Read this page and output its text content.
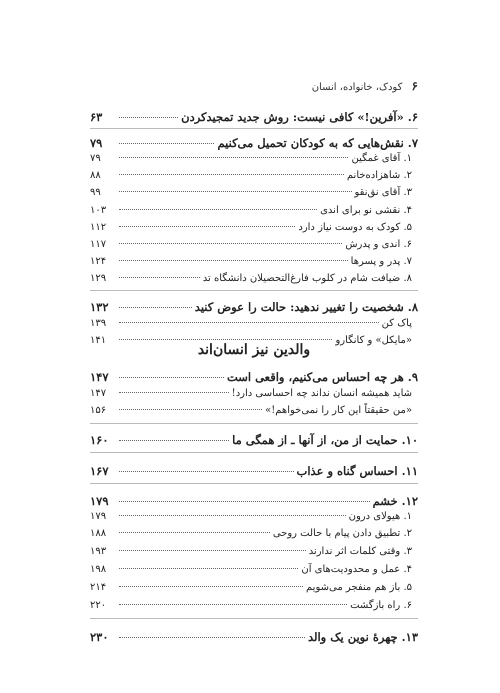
۶ کودک، خانواده، انسان
۶. «آفرین!» کافی نیست: روش جدید تمجیدکردن
۶۳
۷. نقش‌هایی که به کودکان تحمیل می‌کنیم
۷۹
۱. آقای غمگین
۷۹
۲. شاهزاده‌خانم
۸۸
۳. آقای نق‌نقو
۹۹
۴. نقشی نو برای اندی
۱۰۳
۵. کودک به دوست نیاز دارد
۱۱۲
۶. اندی و پدرش
۱۱۷
۷. پدر و پسرها
۱۲۴
۸. ضیافت شام در کلوب فارغ‌التحصیلان دانشگاه تد
۱۲۹
۸. شخصیت را تغییر ندهید: حالت را عوض کنید
۱۳۲
پاک کن
۱۳۹
«مایکل» و کانگارو
۱۴۱
۹. هر چه احساس می‌کنیم، واقعی است
۱۴۷
شاید همیشه انسان نداند چه احساسی دارد!
۱۴۷
«من حقیقتاً این کار را نمی‌خواهم!»
۱۵۶
۱۰. حمایت از من، از آنها ـ از همگی ما
۱۶۰
۱۱. احساس گناه و عذاب
۱۶۷
۱۲. خشم
۱۷۹
۱. هیولای درون
۱۷۹
۲. تطبیق دادن پیام با حالت روحی
۱۸۸
۳. وقتی کلمات اثر ندارند
۱۹۳
۴. عمل و محدودیت‌های آن
۱۹۸
۵. باز هم منفجر می‌شویم
۲۱۴
۶. راه بازگشت
۲۲۰
۱۳. چهرهٔ نوین یک والد
۲۳۰
والدین نیز انسان‌اند
